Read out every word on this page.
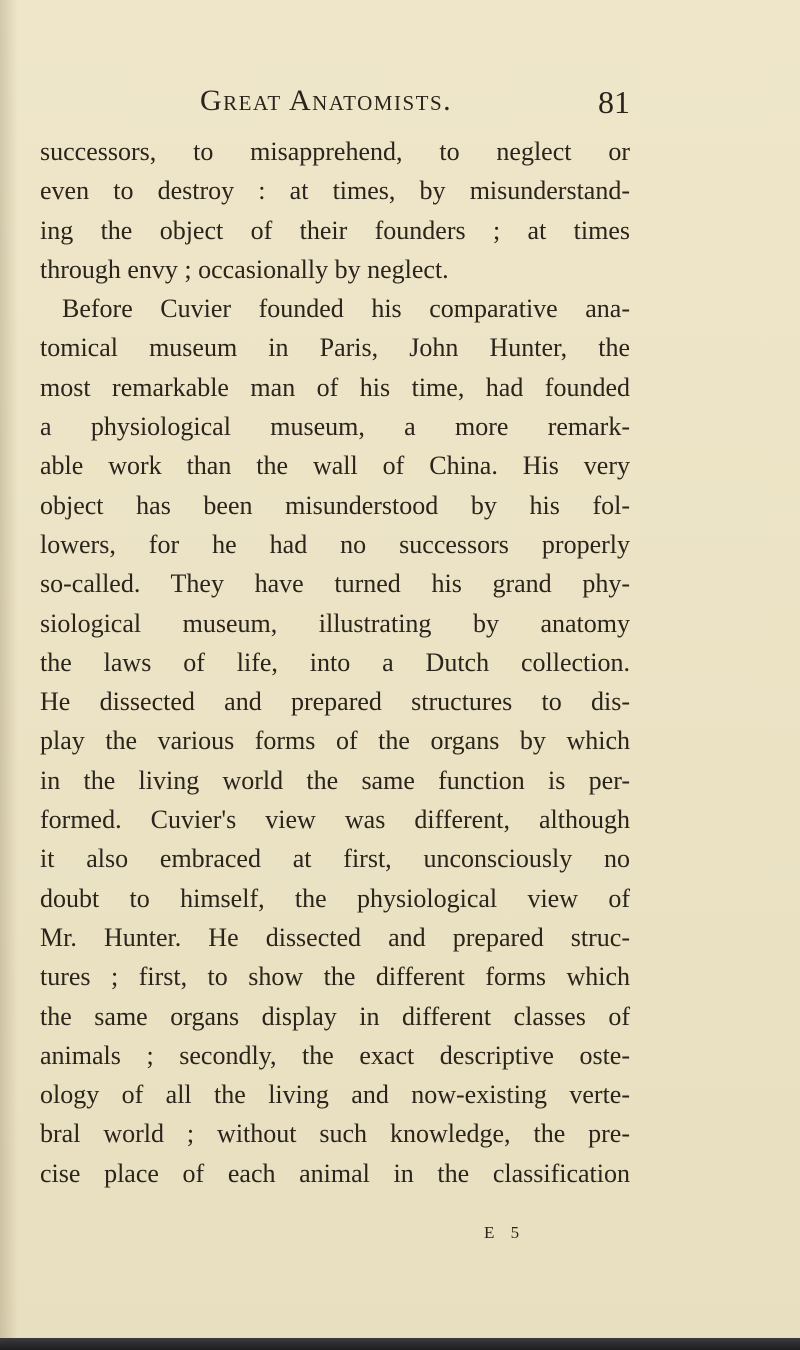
Great Anatomists.	81
successors, to misapprehend, to neglect or
even to destroy : at times, by misunderstand-
ing the object of their founders ; at times
through envy ; occasionally by neglect.
Before Cuvier founded his comparative ana-
tomical museum in Paris, John Hunter, the
most remarkable man of his time, had founded
a physiological museum, a more remark-
able work than the wall of China. His very
object has been misunderstood by his fol-
lowers, for he had no successors properly
so-called. They have turned his grand phy-
siological museum, illustrating by anatomy
the laws of life, into a Dutch collection.
He dissected and prepared structures to dis-
play the various forms of the organs by which
in the living world the same function is per-
formed. Cuvier's view was different, although
it also embraced at first, unconsciously no
doubt to himself, the physiological view of
Mr. Hunter. He dissected and prepared struc-
tures ; first, to show the different forms which
the same organs display in different classes of
animals ; secondly, the exact descriptive oste-
ology of all the living and now-existing verte-
bral world ; without such knowledge, the pre-
cise place of each animal in the classification
E 5
